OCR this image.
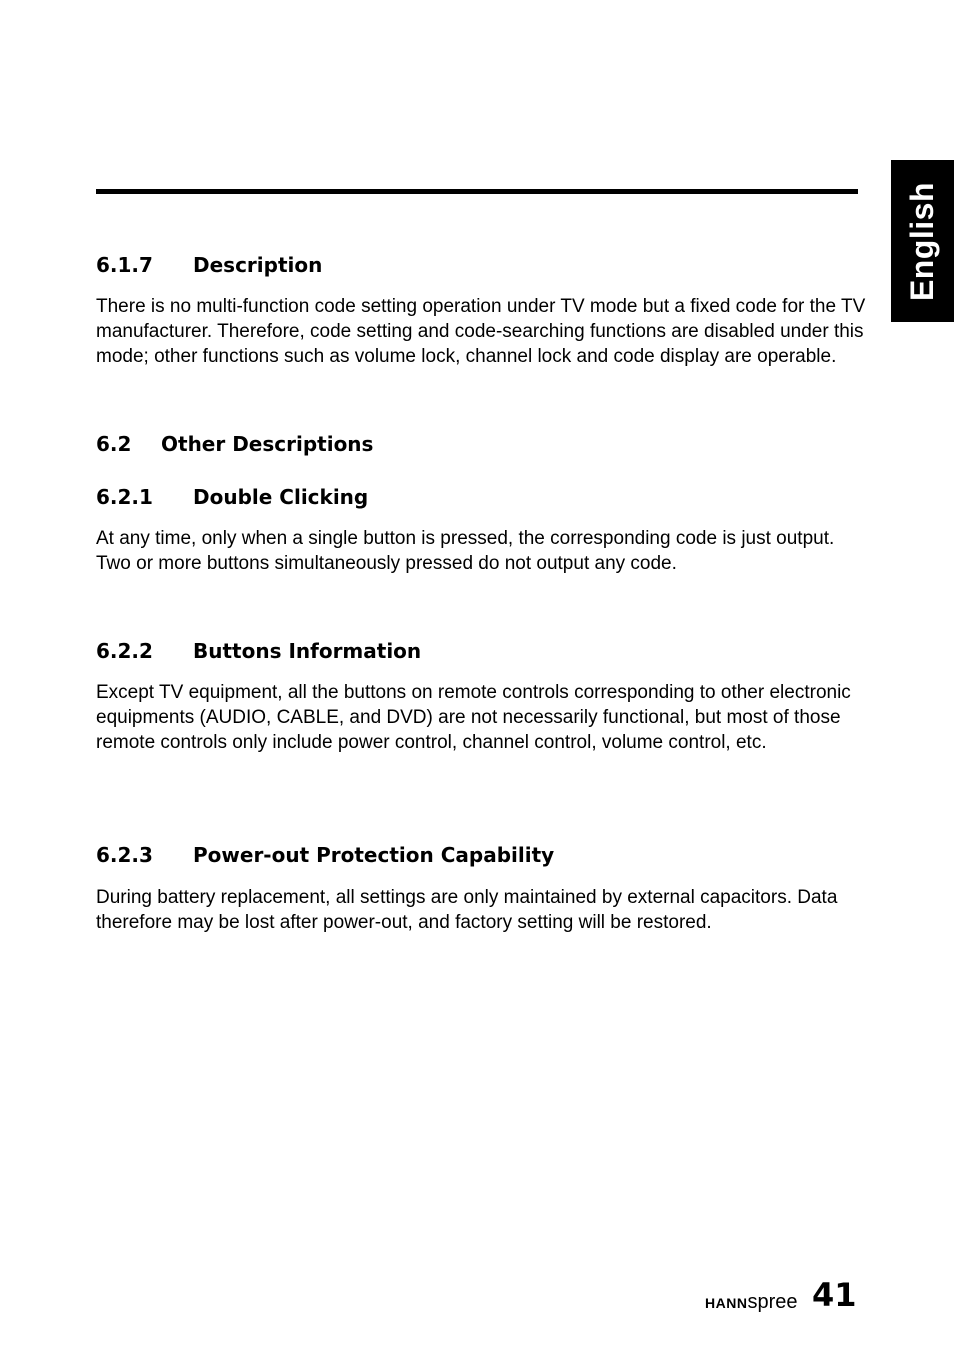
English
6.1.7 Description

There is no multi-function code setting operation under TV mode but a fixed code for the TV manufacturer. Therefore, code setting and code-searching functions are disabled under this mode; other functions such as volume lock, channel lock and code display are operable.

6.2 Other Descriptions
6.2.1 Double Clicking

At any time, only when a single button is pressed, the corresponding code is just output. Two or more buttons simultaneously pressed do not output any code.

6.2.2 Buttons Information

Except TV equipment, all the buttons on remote controls corresponding to other electronic equipments (AUDIO, CABLE, and DVD) are not necessarily functional, but most of those remote controls only include power control, channel control, volume control, etc.

6.2.3 Power-out Protection Capability

During battery replacement, all settings are only maintained by external capacitors. Data therefore may be lost after power-out, and factory setting will be restored.

HANNspree 41
